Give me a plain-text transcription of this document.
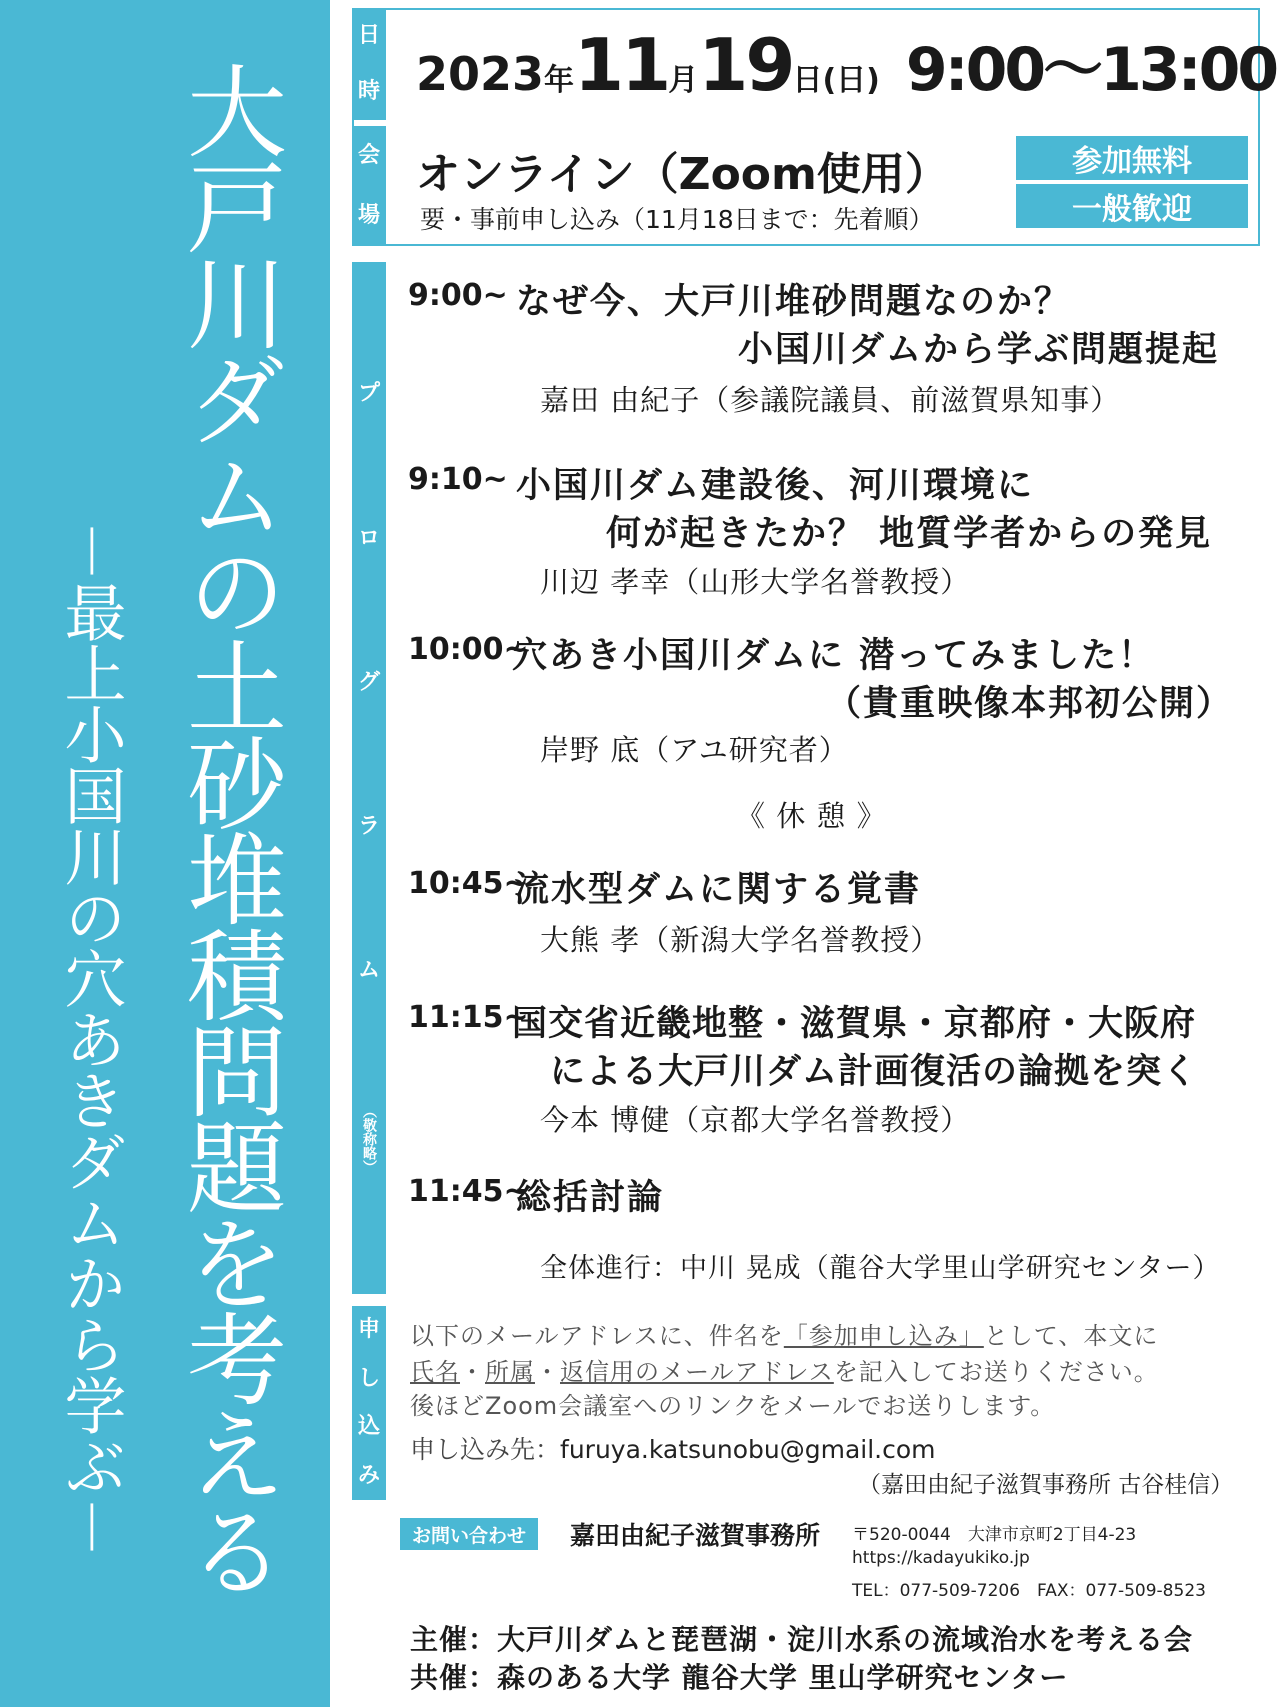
大戸川ダムの土砂堆積問題を考える
－最上小国川の穴あきダムから学ぶ－
日
時
会
場
2023 年 11 月 19 日 (日) 9:00～13:00
オンライン（Zoom使用）
要・事前申し込み（11月18日まで：先着順）
参加無料
一般歓迎
プ
ロ
グ
ラ
ム
（敬称略）
9:00~ なぜ今、大戸川堆砂問題なのか？
小国川ダムから学ぶ問題提起
嘉田 由紀子（参議院議員、前滋賀県知事）
9:10~ 小国川ダム建設後、河川環境に
何が起きたか？ 地質学者からの発見
川辺 孝幸（山形大学名誉教授）
10:00~
穴あき小国川ダムに 潜ってみました！
（貴重映像本邦初公開）
岸野 底（アユ研究者）
《 休 憩 》
10:45~
流水型ダムに関する覚書
大熊 孝（新潟大学名誉教授）
11:15~
国交省近畿地整・滋賀県・京都府・大阪府
による大戸川ダム計画復活の論拠を突く
今本 博健（京都大学名誉教授）
11:45~
総括討論
全体進行：中川 晃成（龍谷大学里山学研究センター）
申
し
込
み
以下のメールアドレスに、件名を「参加申し込み」として、本文に
氏名・所属・返信用のメールアドレスを記入してお送りください。
後ほどZoom会議室へのリンクをメールでお送りします。
申し込み先：furuya.katsunobu@gmail.com
（嘉田由紀子滋賀事務所 古谷桂信）
お問い合わせ	嘉田由紀子滋賀事務所 〒520-0044　大津市京町2丁目4-23
https://kadayukiko.jp
TEL：077-509-7206　FAX：077-509-8523
主催：大戸川ダムと琵琶湖・淀川水系の流域治水を考える会
共催：森のある大学 龍谷大学 里山学研究センター
